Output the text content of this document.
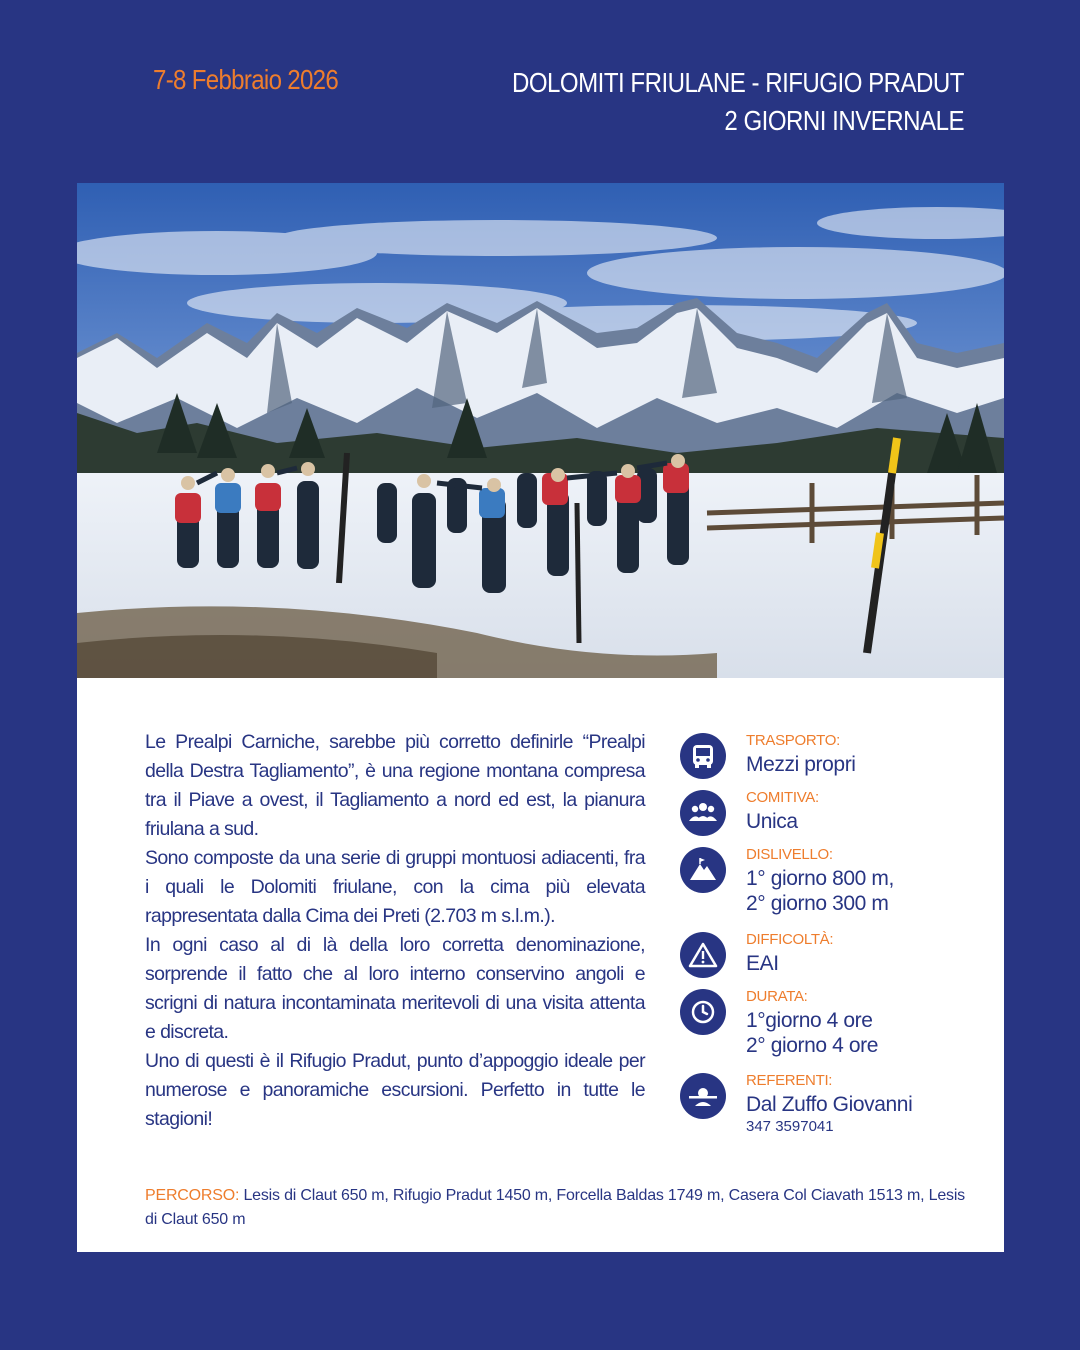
7-8 Febbraio 2026	DOLOMITI FRIULANE - RIFUGIO PRADUT
2 GIORNI INVERNALE

Le Prealpi Carniche, sarebbe più corretto definirle “Prealpi della Destra Tagliamento”, è una regione montana compresa tra il Piave a ovest, il Tagliamento a nord ed est, la pianura friulana a sud.

Sono composte da una serie di gruppi montuosi adiacenti, fra i quali le Dolomiti friulane, con la cima più elevata rappresentata dalla Cima dei Preti (2.703 m s.l.m.).

In ogni caso al di là della loro corretta denominazione, sorprende il fatto che al loro interno conservino angoli e scrigni di natura incontaminata meritevoli di una visita attenta e discreta.

Uno di questi è il Rifugio Pradut, punto d’appoggio ideale per numerose e panoramiche escursioni. Perfetto in tutte le stagioni!

TRASPORTO:
Mezzi propri
COMITIVA:
Unica
DISLIVELLO:
1° giorno 800 m,
2° giorno 300 m
DIFFICOLTÀ:
EAI
DURATA:
1°giorno 4 ore
2° giorno 4 ore
REFERENTI:
Dal Zuffo Giovanni
347 3597041
PERCORSO: Lesis di Claut 650 m, Rifugio Pradut 1450 m, Forcella Baldas 1749 m, Casera Col Ciavath 1513 m, Lesis di Claut 650 m
